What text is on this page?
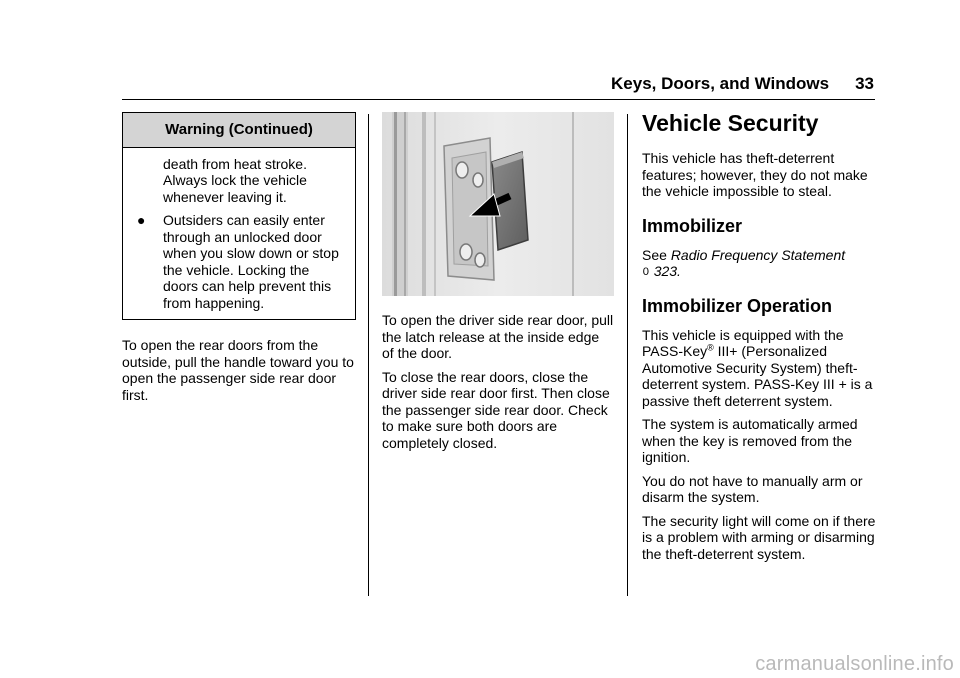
Keys, Doors, and Windows 33
Warning (Continued)

death from heat stroke. Always lock the vehicle whenever leaving it.

●	Outsiders can easily enter through an unlocked door when you slow down or stop the vehicle. Locking the doors can help prevent this from happening.

To open the rear doors from the outside, pull the handle toward you to open the passenger side rear door first.

To open the driver side rear door, pull the latch release at the inside edge of the door.

To close the rear doors, close the driver side rear door first. Then close the passenger side rear door. Check to make sure both doors are completely closed.

Vehicle Security

This vehicle has theft-deterrent features; however, they do not make the vehicle impossible to steal.

Immobilizer

See Radio Frequency Statement
0 323.

Immobilizer Operation

This vehicle is equipped with the PASS-Key® III+ (Personalized Automotive Security System) theft-deterrent system. PASS-Key III + is a passive theft deterrent system.

The system is automatically armed when the key is removed from the ignition.

You do not have to manually arm or disarm the system.

The security light will come on if there is a problem with arming or disarming the theft-deterrent system.

carmanualsonline.info
